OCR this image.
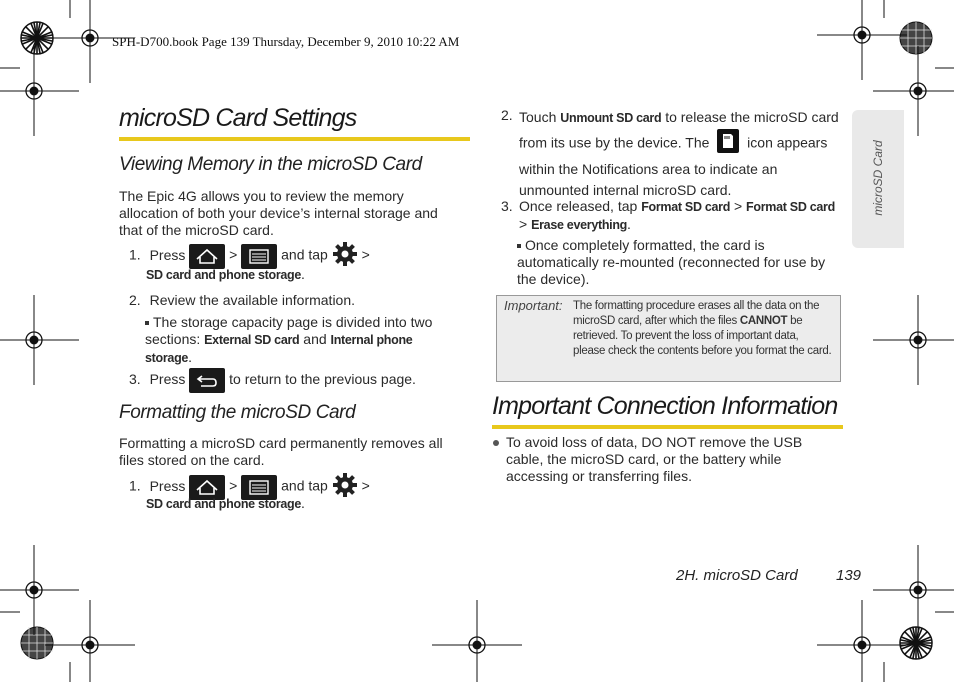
SPH-D700.book Page 139 Thursday, December 9, 2010 10:22 AM
microSD Card
microSD Card Settings
Viewing Memory in the microSD Card
The Epic 4G allows you to review the memory allocation of both your device’s internal storage and that of the microSD card.
1. Press	>	and tap >
SD card and phone storage.
2. Review the available information.
The storage capacity page is divided into two sections: External SD card and Internal phone storage.
3. Press	to return to the previous page.
Formatting the microSD Card
Formatting a microSD card permanently removes all files stored on the card.
1. Press	>	and tap >
SD card and phone storage.
2. Touch Unmount SD card to release the microSD card from its use by the device. The	icon appears within the Notifications area to indicate an unmounted internal microSD card.
3. Once released, tap Format SD card > Format SD card > Erase everything.
Once completely formatted, the card is automatically re-mounted (reconnected for use by the device).
Important: The formatting procedure erases all the data on the microSD card, after which the files CANNOT be retrieved. To prevent the loss of important data, please check the contents before you format the card.
Important Connection Information
To avoid loss of data, DO NOT remove the USB cable, the microSD card, or the battery while accessing or transferring files.
2H. microSD Card	139
